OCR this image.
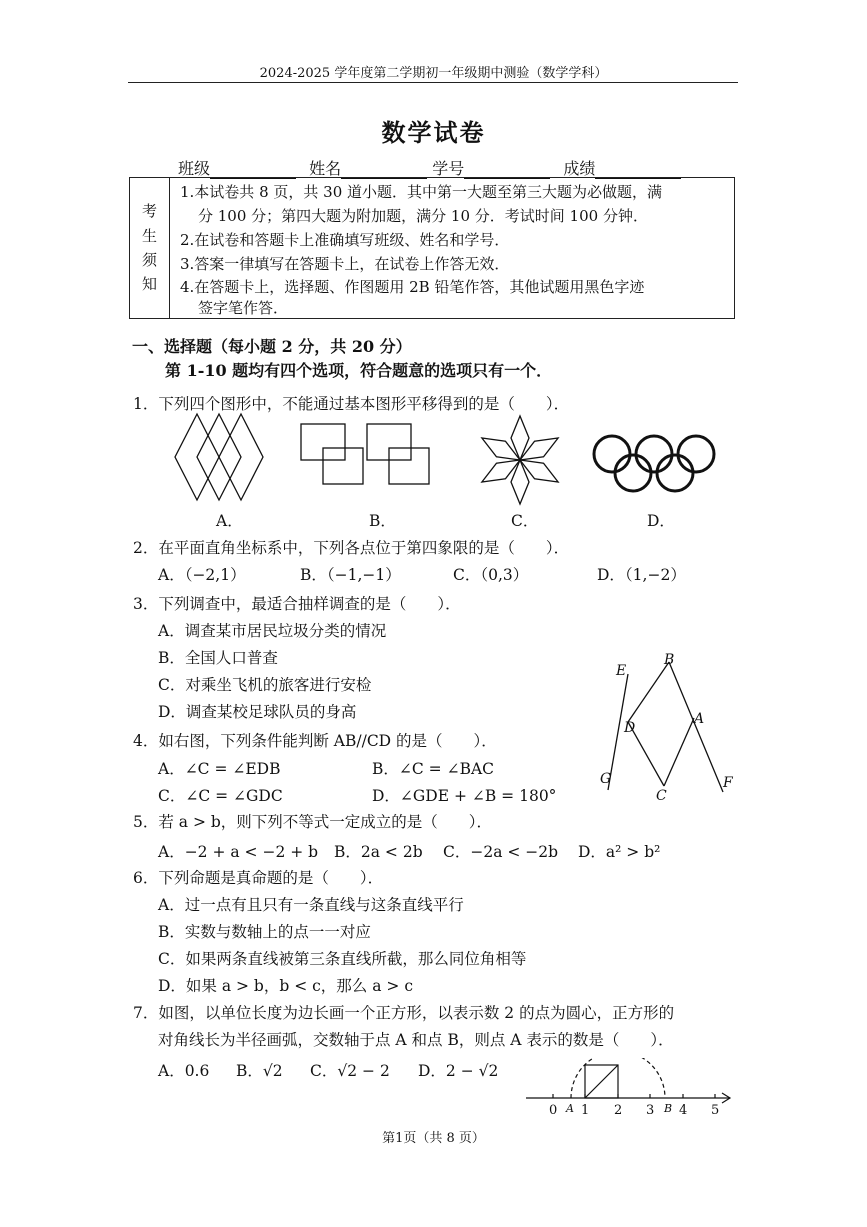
2024-2025 学年度第二学期初一年级期中测验（数学学科）
数学试卷
班级	姓名	学号	成绩
考
生
须
知
1.本试卷共 8 页，共 30 道小题．其中第一大题至第三大题为必做题，满
分 100 分；第四大题为附加题，满分 10 分．考试时间 100 分钟．
2.在试卷和答题卡上准确填写班级、姓名和学号．
3.答案一律填写在答题卡上，在试卷上作答无效．
4.在答题卡上，选择题、作图题用 2B 铅笔作答，其他试题用黑色字迹
签字笔作答．
一、选择题（每小题 2 分，共 20 分）
第 1-10 题均有四个选项，符合题意的选项只有一个．
1．下列四个图形中，不能通过基本图形平移得到的是（　　）．
A．	B．	C．	D．
2．在平面直角坐标系中，下列各点位于第四象限的是（　　）．
A．（−2,1）	B．（−1,−1）	C．（0,3）	D．（1,−2）
3．下列调查中，最适合抽样调查的是（　　）．
A．调查某市居民垃圾分类的情况
B．全国人口普查
C．对乘坐飞机的旅客进行安检
D．调查某校足球队员的身高
E
B
D
A
G
C
F
4．如右图，下列条件能判断 AB//CD 的是（　　）．
A．∠C = ∠EDB	B．∠C = ∠BAC
C．∠C = ∠GDC	D．∠GDE + ∠B = 180°
5．若 a > b，则下列不等式一定成立的是（　　）．
A．−2 + a < −2 + b B．2a < 2b C．−2a < −2b D．a² > b²
6．下列命题是真命题的是（　　）．
A．过一点有且只有一条直线与这条直线平行
B．实数与数轴上的点一一对应
C．如果两条直线被第三条直线所截，那么同位角相等
D．如果 a > b，b < c，那么 a > c
7．如图，以单位长度为边长画一个正方形，以表示数 2 的点为圆心，正方形的
对角线长为半径画弧，交数轴于点 A 和点 B，则点 A 表示的数是（　　）．
A．0.6 B．√2 C．√2 − 2 D．2 − √2
0 A 1 2 3 B 4 5
第1页（共 8 页）
